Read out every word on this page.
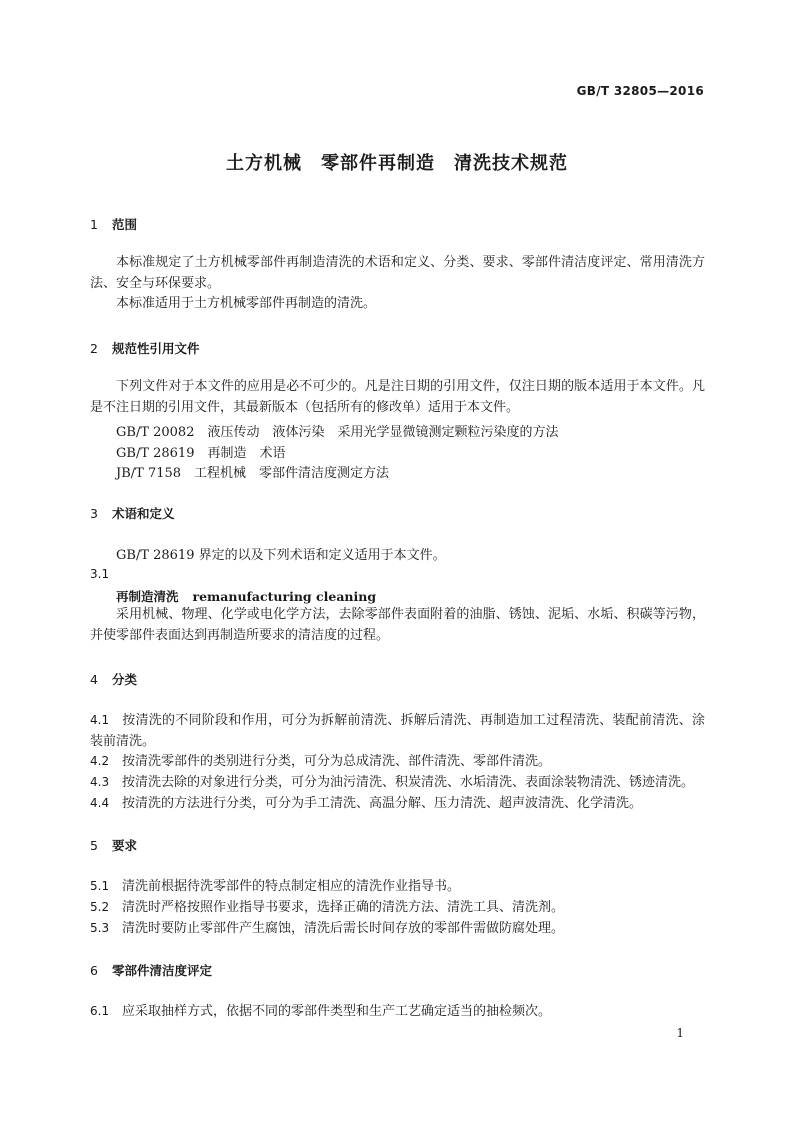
GB/T 32805—2016
土方机械　零部件再制造　清洗技术规范
1 范围
本标准规定了土方机械零部件再制造清洗的术语和定义、分类、要求、零部件清洁度评定、常用清洗方法、安全与环保要求。
本标准适用于土方机械零部件再制造的清洗。
2 规范性引用文件
下列文件对于本文件的应用是必不可少的。凡是注日期的引用文件，仅注日期的版本适用于本文件。凡是不注日期的引用文件，其最新版本（包括所有的修改单）适用于本文件。
GB/T 20082　液压传动　液体污染　采用光学显微镜测定颗粒污染度的方法
GB/T 28619　再制造　术语
JB/T 7158　工程机械　零部件清洁度测定方法
3 术语和定义
GB/T 28619 界定的以及下列术语和定义适用于本文件。
3.1
再制造清洗 remanufacturing cleaning
采用机械、物理、化学或电化学方法，去除零部件表面附着的油脂、锈蚀、泥垢、水垢、积碳等污物，并使零部件表面达到再制造所要求的清洁度的过程。
4 分类
4.1 按清洗的不同阶段和作用，可分为拆解前清洗、拆解后清洗、再制造加工过程清洗、装配前清洗、涂装前清洗。
4.2 按清洗零部件的类别进行分类，可分为总成清洗、部件清洗、零部件清洗。
4.3 按清洗去除的对象进行分类，可分为油污清洗、积炭清洗、水垢清洗、表面涂装物清洗、锈迹清洗。
4.4 按清洗的方法进行分类，可分为手工清洗、高温分解、压力清洗、超声波清洗、化学清洗。
5 要求
5.1 清洗前根据待洗零部件的特点制定相应的清洗作业指导书。
5.2 清洗时严格按照作业指导书要求，选择正确的清洗方法、清洗工具、清洗剂。
5.3 清洗时要防止零部件产生腐蚀，清洗后需长时间存放的零部件需做防腐处理。
6 零部件清洁度评定
6.1 应采取抽样方式，依据不同的零部件类型和生产工艺确定适当的抽检频次。
1
